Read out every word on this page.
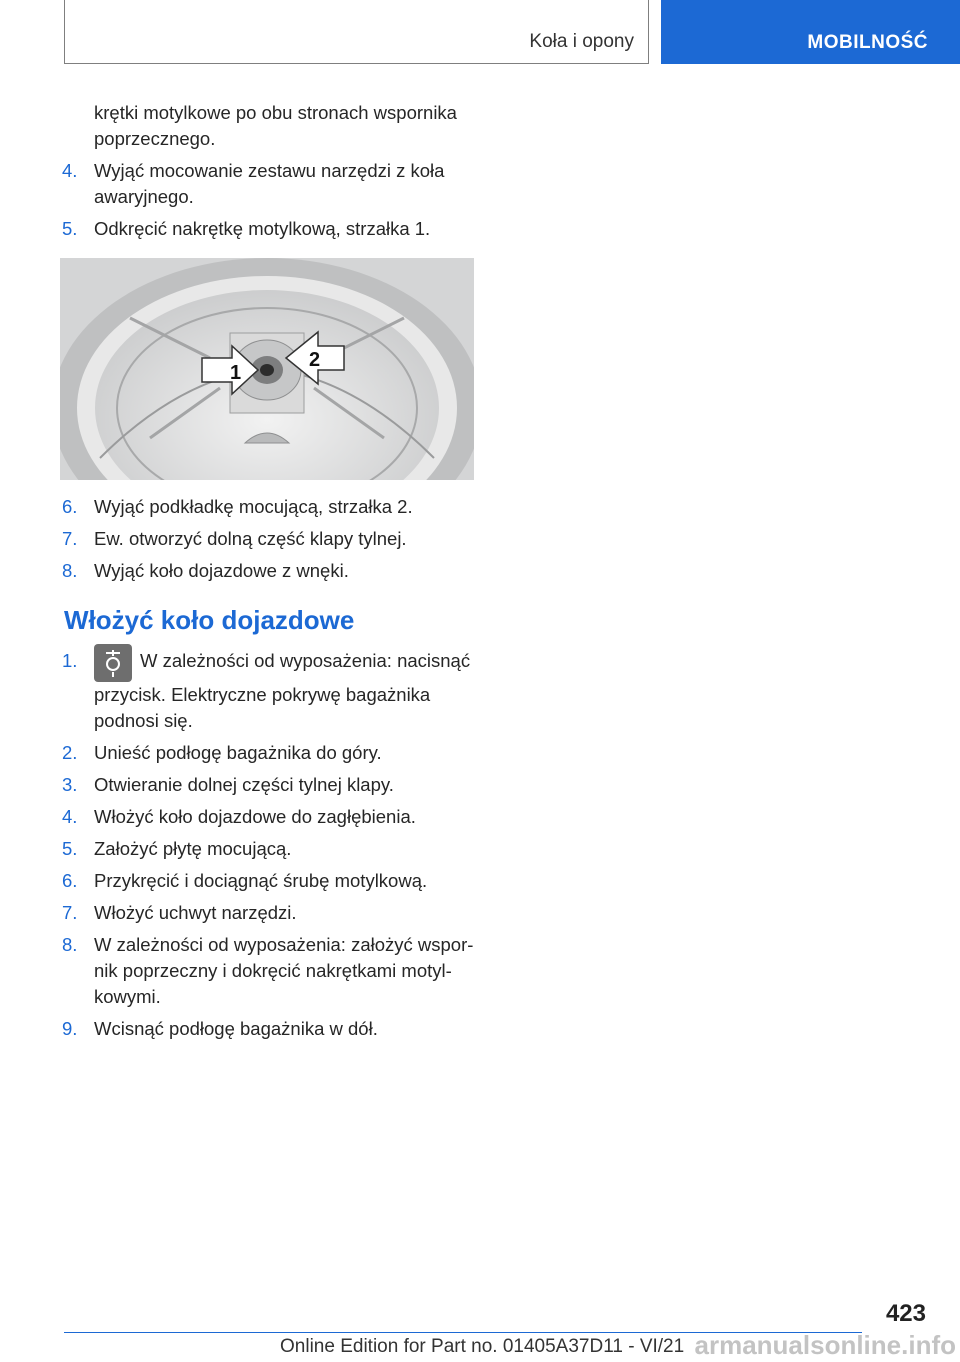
Koła i opony	MOBILNOŚĆ
krętki motylkowe po obu stronach wspornika poprzecznego.
4. Wyjąć mocowanie zestawu narzędzi z koła awaryjnego.
5. Odkręcić nakrętkę motylkową, strzałka 1.
1
2
6. Wyjąć podkładkę mocującą, strzałka 2.
7. Ew. otworzyć dolną część klapy tylnej.
8. Wyjąć koło dojazdowe z wnęki.
Włożyć koło dojazdowe
1.	W zależności od wyposażenia: nacisnąć przycisk. Elektryczne pokrywę bagażnika podnosi się.
2. Unieść podłogę bagażnika do góry.
3. Otwieranie dolnej części tylnej klapy.
4. Włożyć koło dojazdowe do zagłębienia.
5. Założyć płytę mocującą.
6. Przykręcić i dociągnąć śrubę motylkową.
7. Włożyć uchwyt narzędzi.
8. W zależności od wyposażenia: założyć wspornik poprzeczny i dokręcić nakrętkami motylkowymi.
9. Wcisnąć podłogę bagażnika w dół.
423
Online Edition for Part no. 01405A37D11 - VI/21 armanualsonline.info
